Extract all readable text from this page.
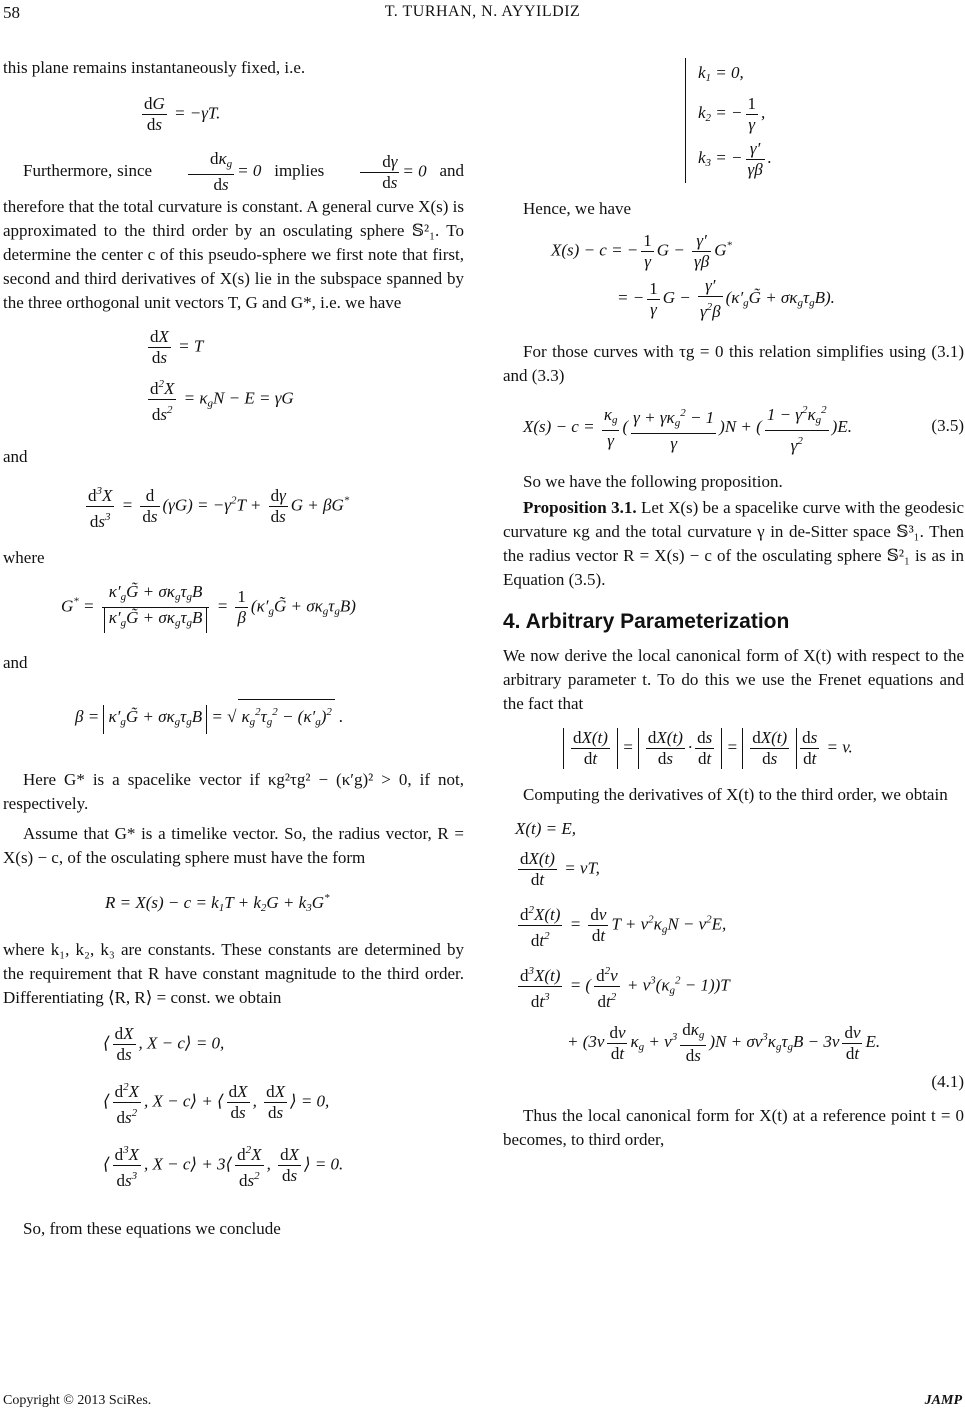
58	T. TURHAN, N. AYYILDIZ

this plane remains instantaneously fixed, i.e.

$\frac{dG}{ds} = -\gamma T$.

Furthermore, since $\frac{d\kappa_g}{ds} = 0$ implies $\frac{d\gamma}{ds} = 0$ and therefore that the total curvature is constant. A general curve X(s) is approximated to the third order by an osculating sphere 𝕊²₁. To determine the center c of this pseudo-sphere we first note that first, second and third derivatives of X(s) lie in the subspace spanned by the three orthogonal unit vectors T, G and G*, i.e. we have

$\frac{dX}{ds} = T$
$\frac{d^2X}{ds^2} = \kappa_gN - E = \gamma G$

and

$\frac{d^3X}{ds^3} = \frac{d}{ds} (\gamma G) = -\gamma^2T + \frac{d\gamma}{ds}$ G + βG*

where

$G^* = \frac{\kappa'_gG̃ + \sigma\kappa_g\tau_gB}{\kappa'_gG̃ + \sigma\kappa_g\tau_gB} = \frac{1}{\beta}$ $(\kappa'_gG̃ + \sigma\kappa_g\tau_gB)$

and

$\beta = \kappa'_gG̃ + \sigma\kappa_g\tau_gB$ = √ $\kappa_g^2\tau_g^2 - (\kappa'_g)^2$ .

Here G* is a spacelike vector if κg²τg² − (κ′g)² > 0, if not, respectively.

Assume that G* is a timelike vector. So, the radius vector, R = X(s) − c, of the osculating sphere must have the form

$R = X(s) - c = k_1T + k_2G + k_3G^*$

where k₁, k₂, k₃ are constants. These constants are determined by the requirement that R have constant magnitude to the third order. Differentiating ⟨R, R⟩ = const. we obtain

⟨ $\frac{dX}{ds}$ , X − c⟩ = 0,
⟨ $\frac{d^2X}{ds^2}$ , X − c⟩ + ⟨ $\frac{dX}{ds}$ , $\frac{dX}{ds}$ ⟩ = 0,
⟨ $\frac{d^3X}{ds^3}$ , X − c⟩ + 3⟨ $\frac{d^2X}{ds^2}$ , $\frac{dX}{ds}$ ⟩ = 0.

So, from these equations we conclude

$k_1 = 0$,
$k_2$ = − $\frac{1}{\gamma}$ ,
$k_3$ = − $\frac{\gamma'}{\gamma\beta}$ .

Hence, we have

X(s) − c = − $\frac{1}{\gamma}$ $G - \frac{\gamma'}{\gamma\beta} G^*$
= − $\frac{1}{\gamma}$ $G - \frac{\gamma'}{\gamma^2\beta}$ $(\kappa'_gG̃ + \sigma\kappa_g\tau_gB)$.

For those curves with τg = 0 this relation simplifies using (3.1) and (3.3)

$X(s) - c = \frac{\kappa_g}{\gamma}$ ( $\frac{\gamma + \gamma\kappa_g^2 - 1}{\gamma} )N$ + ( $\frac{1 - \gamma^2\kappa_g^2}{\gamma^2} )E$.	(3.5)

So we have the following proposition.

Proposition 3.1. Let X(s) be a spacelike curve with the geodesic curvature κg and the total curvature γ in de-Sitter space 𝕊³₁. Then the radius vector R = X(s) − c of the osculating sphere 𝕊²₁ is as in Equation (3.5).

4. Arbitrary Parameterization

We now derive the local canonical form of X(t) with respect to the arbitrary parameter t. To do this we use the Frenet equations and the fact that

$\frac{dX(t)}{dt} = \frac{dX(t)}{ds} \cdot \frac{ds}{dt} = \frac{dX(t)}{ds} \frac{ds}{dt} = v$.

Computing the derivatives of X(t) to the third order, we obtain

X(t) = E,
$\frac{dX(t)}{dt}$ = vT,
$\frac{d^2X(t)}{dt^2} = \frac{dv}{dt}$ $T + v^2\kappa_gN - v^2E$,
$\frac{d^3X(t)}{dt^3}$ = ( $\frac{d^2v}{dt^2} + v^3(\kappa_g^2 - 1))T$
+ $(3v \frac{dv}{dt} \kappa_g + v^3 \frac{d\kappa_g}{ds} )N + \sigma v^3\kappa_g\tau_gB - 3v \frac{dv}{dt} E$.
(4.1)

Thus the local canonical form for X(t) at a reference point t = 0 becomes, to third order,

Copyright © 2013 SciRes.	JAMP
